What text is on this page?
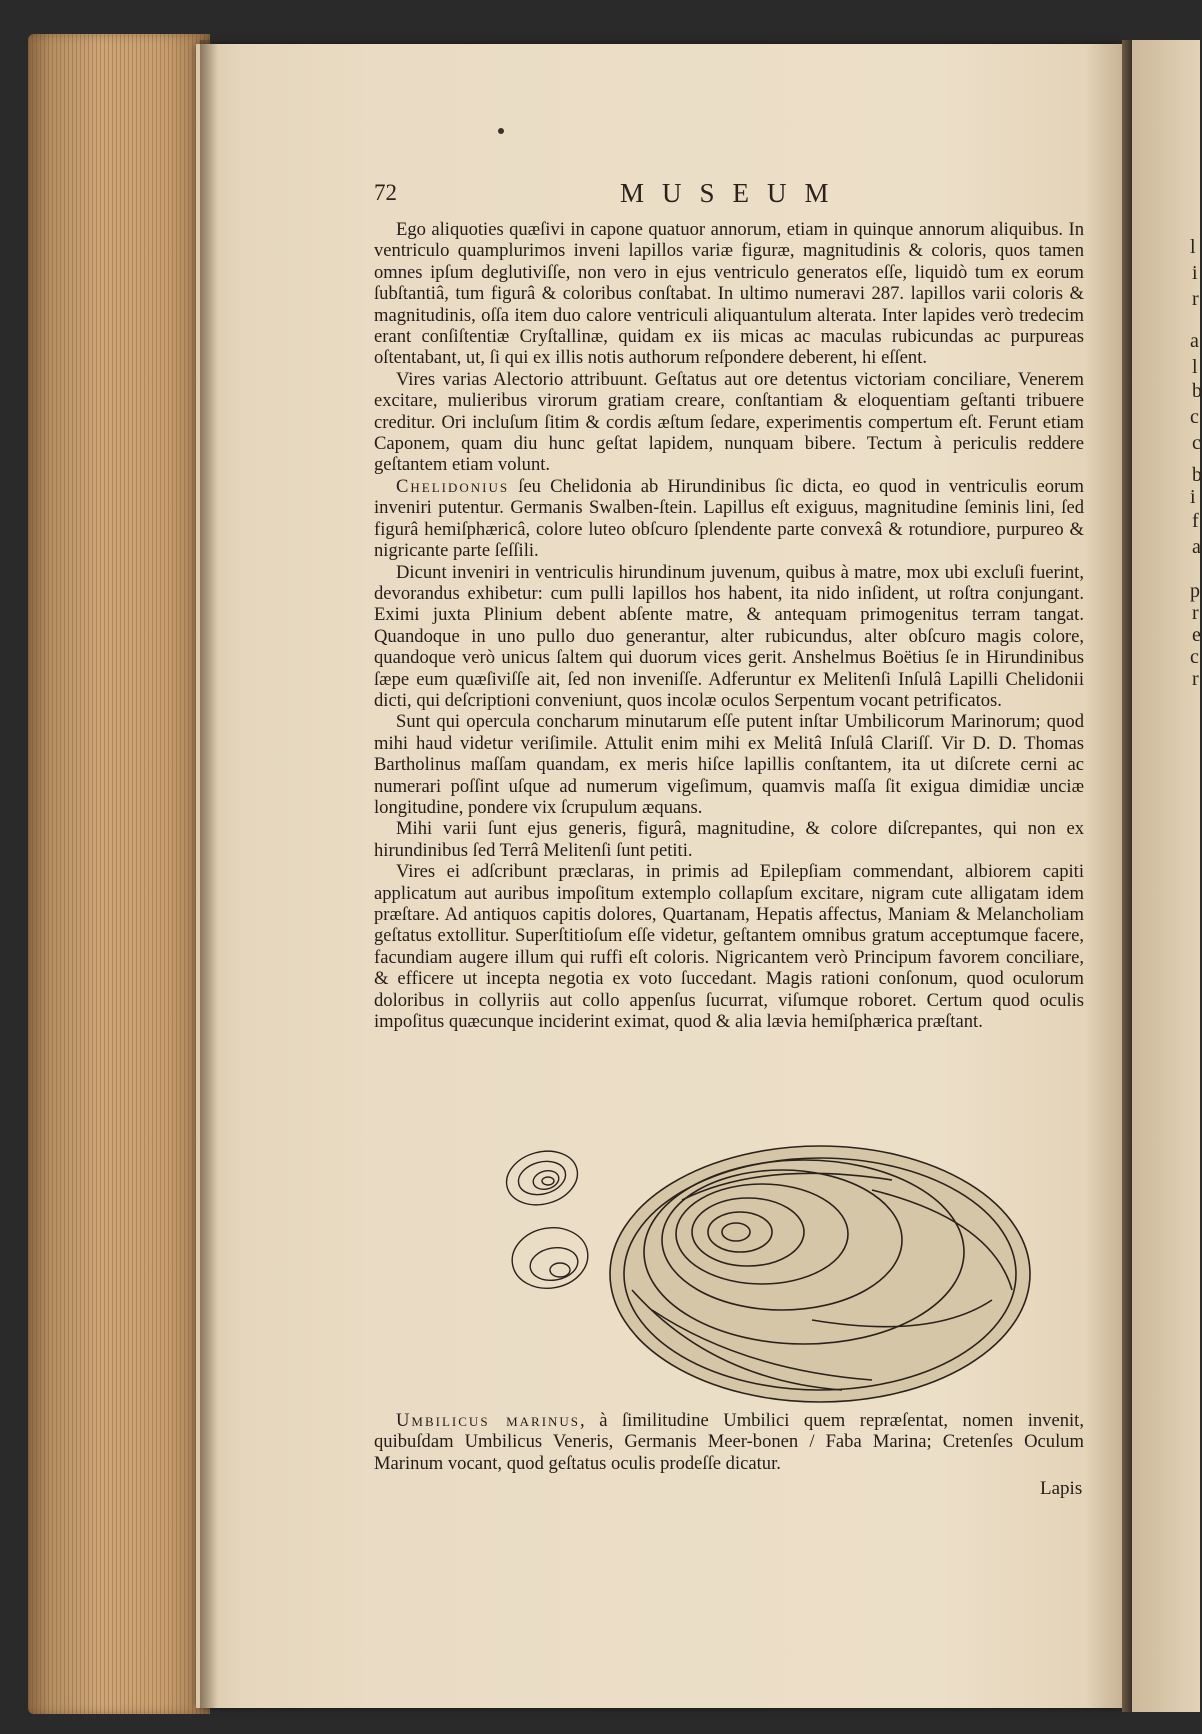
l
i
r
a
l
b
c
c
b
i
f
a
p
r
e
c
r
72	MUSEUM

Ego aliquoties quæſivi in capone quatuor annorum, etiam in quinque annorum aliquibus. In ventriculo quamplurimos inveni lapillos variæ figuræ, magnitudinis & coloris, quos tamen omnes ipſum deglutiviſſe, non vero in ejus ventriculo generatos eſſe, liquidò tum ex eorum ſubſtantiâ, tum figurâ & coloribus conſtabat. In ultimo numeravi 287. lapillos varii coloris & magnitudinis, oſſa item duo calore ventriculi aliquantulum alterata. Inter lapides verò tredecim erant conſiſtentiæ Cryſtallinæ, quidam ex iis micas ac maculas rubicundas ac purpureas oſtentabant, ut, ſi qui ex illis notis authorum reſpondere deberent, hi eſſent.

Vires varias Alectorio attribuunt. Geſtatus aut ore detentus victoriam conciliare, Venerem excitare, mulieribus virorum gratiam creare, conſtantiam & eloquentiam geſtanti tribuere creditur. Ori incluſum ſitim & cordis æſtum ſedare, experimentis compertum eſt. Ferunt etiam Caponem, quam diu hunc geſtat lapidem, nunquam bibere. Tectum à periculis reddere geſtantem etiam volunt.

Chelidonius ſeu Chelidonia ab Hirundinibus ſic dicta, eo quod in ventriculis eorum inveniri putentur. Germanis Swalben-ſtein. Lapillus eſt exiguus, magnitudine ſeminis lini, ſed figurâ hemiſphæricâ, colore luteo obſcuro ſplendente parte convexâ & rotundiore, purpureo & nigricante parte ſeſſili.

Dicunt inveniri in ventriculis hirundinum juvenum, quibus à matre, mox ubi excluſi fuerint, devorandus exhibetur: cum pulli lapillos hos habent, ita nido inſident, ut roſtra conjungant. Eximi juxta Plinium debent abſente matre, & antequam primogenitus terram tangat. Quandoque in uno pullo duo generantur, alter rubicundus, alter obſcuro magis colore, quandoque verò unicus ſaltem qui duorum vices gerit. Anshelmus Boëtius ſe in Hirundinibus ſæpe eum quæſiviſſe ait, ſed non inveniſſe. Adferuntur ex Melitenſi Inſulâ Lapilli Chelidonii dicti, qui deſcriptioni conveniunt, quos incolæ oculos Serpentum vocant petrificatos.

Sunt qui opercula concharum minutarum eſſe putent inſtar Umbilicorum Marinorum; quod mihi haud videtur veriſimile. Attulit enim mihi ex Melitâ Inſulâ Clariſſ. Vir D. D. Thomas Bartholinus maſſam quandam, ex meris hiſce lapillis conſtantem, ita ut diſcrete cerni ac numerari poſſint uſque ad numerum vigeſimum, quamvis maſſa ſit exigua dimidiæ unciæ longitudine, pondere vix ſcrupulum æquans.

Mihi varii ſunt ejus generis, figurâ, magnitudine, & colore diſcrepantes, qui non ex hirundinibus ſed Terrâ Melitenſi ſunt petiti.

Vires ei adſcribunt præclaras, in primis ad Epilepſiam commendant, albiorem capiti applicatum aut auribus impoſitum extemplo collapſum excitare, nigram cute alligatam idem præſtare. Ad antiquos capitis dolores, Quartanam, Hepatis affectus, Maniam & Melancholiam geſtatus extollitur. Superſtitioſum eſſe videtur, geſtantem omnibus gratum acceptumque facere, facundiam augere illum qui ruffi eſt coloris. Nigricantem verò Principum favorem conciliare, & efficere ut incepta negotia ex voto ſuccedant. Magis rationi conſonum, quod oculorum doloribus in collyriis aut collo appenſus ſucurrat, viſumque roboret. Certum quod oculis impoſitus quæcunque inciderint eximat, quod & alia lævia hemiſphærica præſtant.

Umbilicus marinus, à ſimilitudine Umbilici quem repræſentat, nomen invenit, quibuſdam Umbilicus Veneris, Germanis Meer-bonen / Faba Marina; Cretenſes Oculum Marinum vocant, quod geſtatus oculis prodeſſe dicatur.

Lapis
